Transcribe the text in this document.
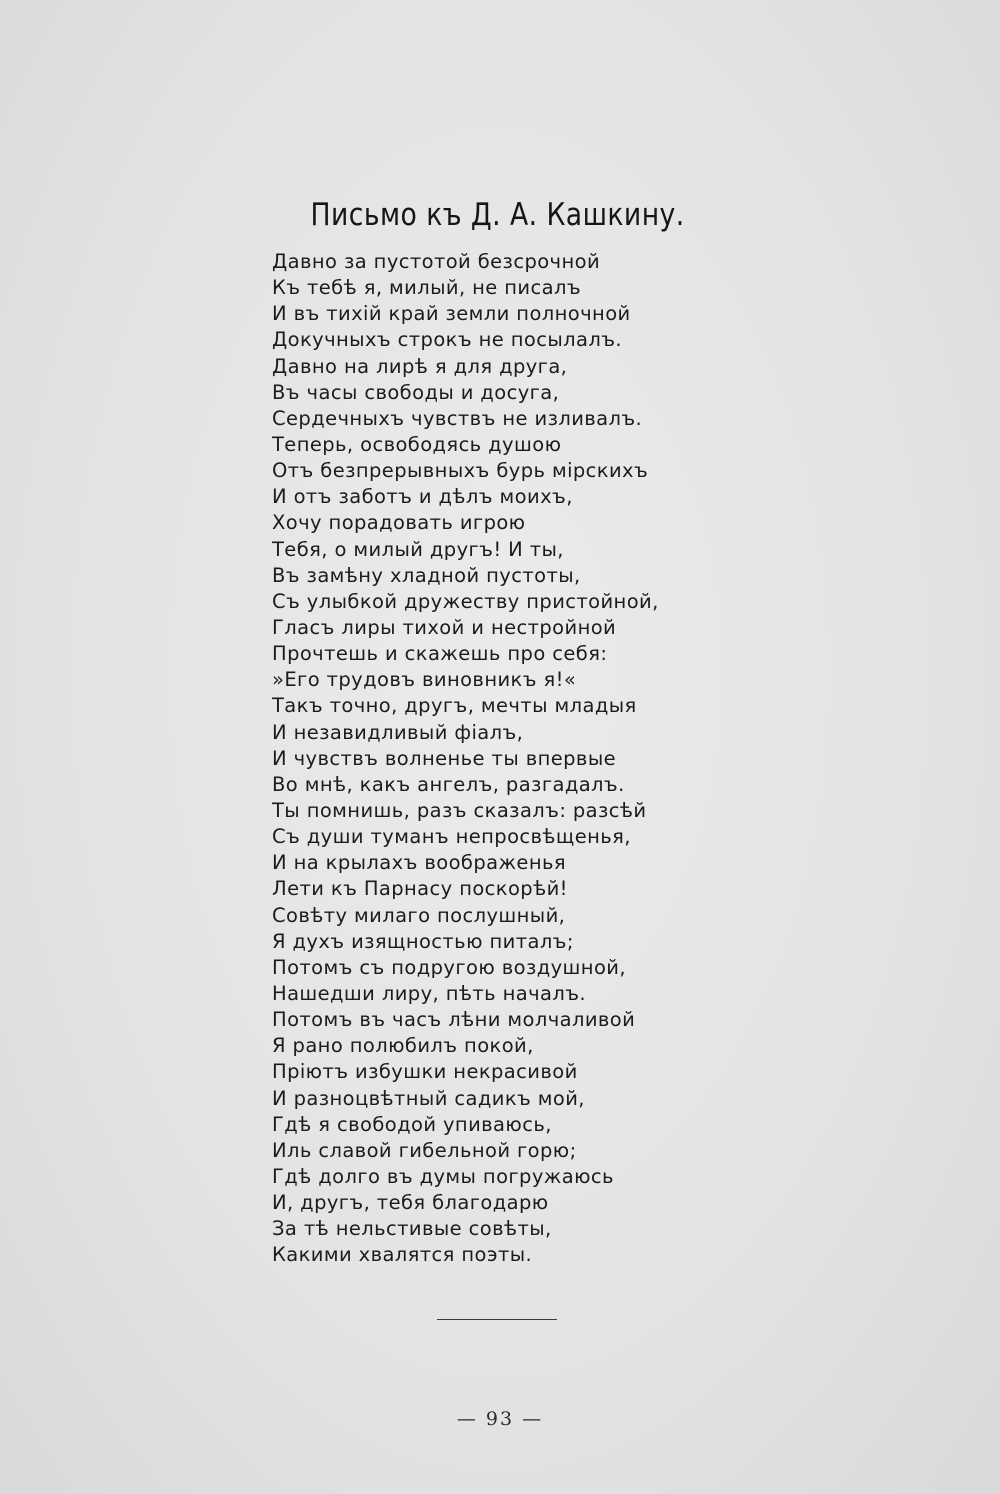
Письмо къ Д. А. Кашкину.
Давно за пустотой безсрочной
Къ тебѣ я, милый, не писалъ
И въ тихій край земли полночной
Докучныхъ строкъ не посылалъ.
Давно на лирѣ я для друга,
Въ часы свободы и досуга,
Сердечныхъ чувствъ не изливалъ.
Теперь, освободясь душою
Отъ безпрерывныхъ бурь мірскихъ
И отъ заботъ и дѣлъ моихъ,
Хочу порадовать игрою
Тебя, о милый другъ! И ты,
Въ замѣну хладной пустоты,
Съ улыбкой дружеству пристойной,
Гласъ лиры тихой и нестройной
Прочтешь и скажешь про себя:
»Его трудовъ виновникъ я!«
Такъ точно, другъ, мечты младыя
И незавидливый фіалъ,
И чувствъ волненье ты впервые
Во мнѣ, какъ ангелъ, разгадалъ.
Ты помнишь, разъ сказалъ: разсѣй
Съ души туманъ непросвѣщенья,
И на крылахъ воображенья
Лети къ Парнасу поскорѣй!
Совѣту милаго послушный,
Я духъ изящностью питалъ;
Потомъ съ подругою воздушной,
Нашедши лиру, пѣть началъ.
Потомъ въ часъ лѣни молчаливой
Я рано полюбилъ покой,
Пріютъ избушки некрасивой
И разноцвѣтный садикъ мой,
Гдѣ я свободой упиваюсь,
Иль славой гибельной горю;
Гдѣ долго въ думы погружаюсь
И, другъ, тебя благодарю
За тѣ нельстивые совѣты,
Какими хвалятся поэты.
— 93 —
